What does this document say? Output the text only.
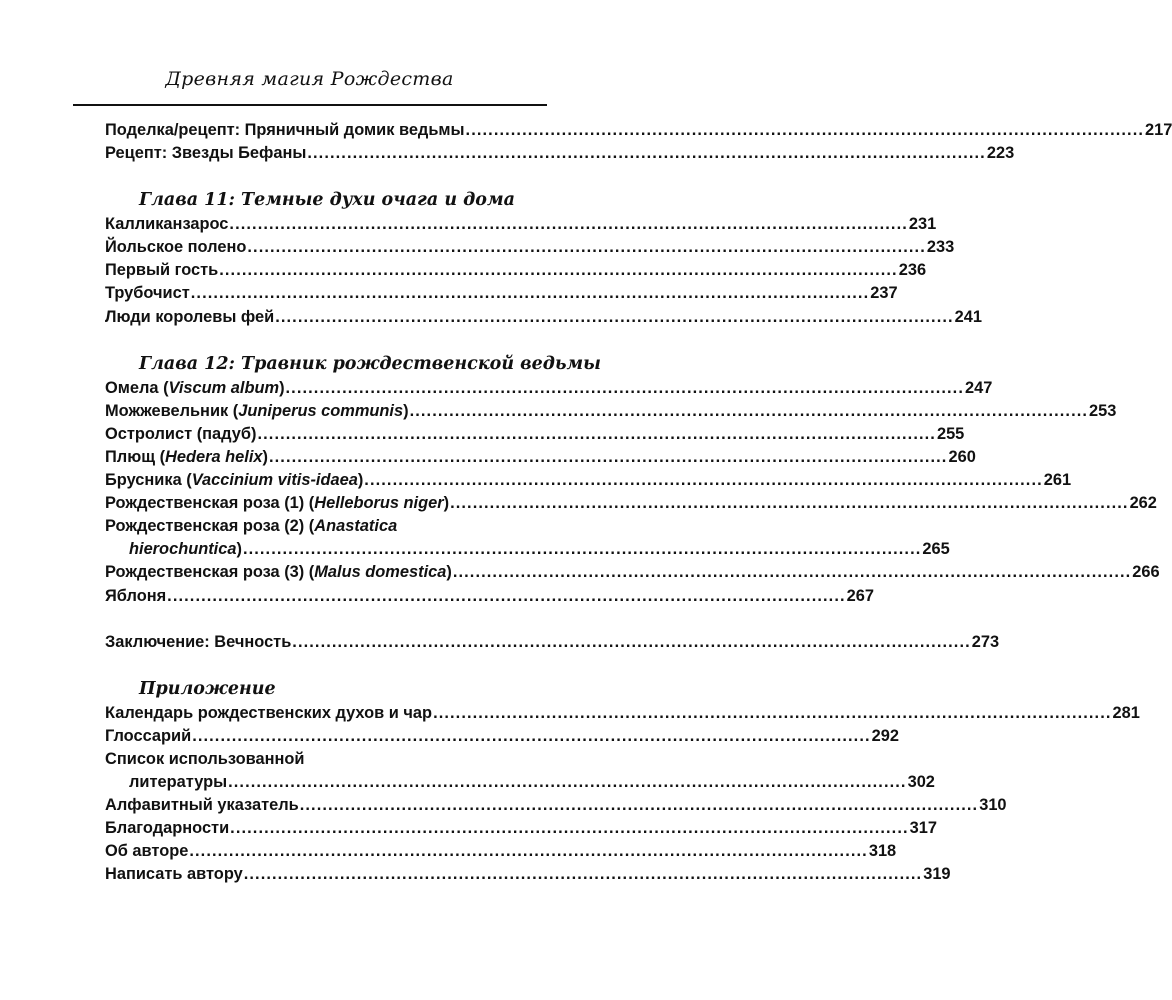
Древняя магия Рождества
Поделка/рецепт: Пряничный домик ведьмы ........................................................................................................................ 217
Рецепт: Звезды Бефаны ........................................................................................................................ 223
Глава 11: Темные духи очага и дома
Калликанзарос ........................................................................................................................ 231
Йольское полено ........................................................................................................................ 233
Первый гость ........................................................................................................................ 236
Трубочист ........................................................................................................................ 237
Люди королевы фей ........................................................................................................................ 241
Глава 12: Травник рождественской ведьмы
Омела (Viscum album) ........................................................................................................................ 247
Можжевельник (Juniperus communis) ........................................................................................................................ 253
Остролист (падуб) ........................................................................................................................ 255
Плющ (Hedera helix) ........................................................................................................................ 260
Брусника (Vaccinium vitis-idaea) ........................................................................................................................ 261
Рождественская роза (1) (Helleborus niger) ........................................................................................................................ 262
Рождественская роза (2) (Anastatica
hierochuntica) ........................................................................................................................ 265
Рождественская роза (3) (Malus domestica) ........................................................................................................................ 266
Яблоня ........................................................................................................................ 267
Заключение: Вечность ........................................................................................................................ 273
Приложение
Календарь рождественских духов и чар ........................................................................................................................ 281
Глоссарий ........................................................................................................................ 292
Список использованной
литературы ........................................................................................................................ 302
Алфавитный указатель ........................................................................................................................ 310
Благодарности ........................................................................................................................ 317
Об авторе ........................................................................................................................ 318
Написать автору ........................................................................................................................ 319
